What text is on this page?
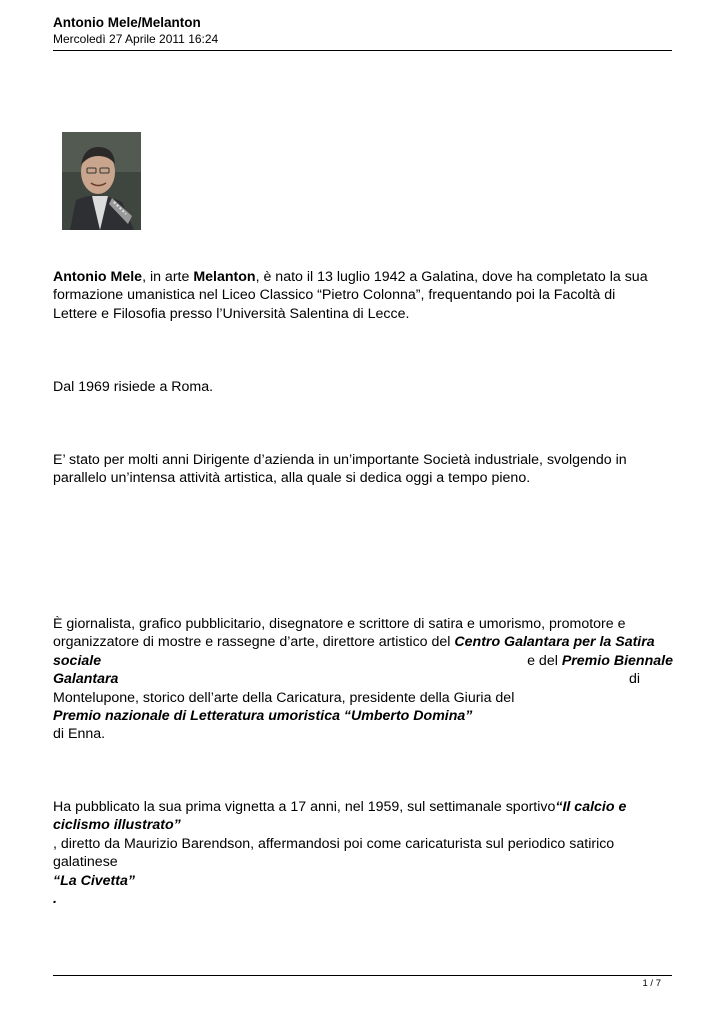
Antonio Mele/Melanton
Mercoledì 27 Aprile 2011 16:24
Antonio Mele, in arte Melanton, è nato il 13 luglio 1942 a Galatina, dove ha completato la sua
formazione umanistica nel Liceo Classico “Pietro Colonna”, frequentando poi la Facoltà di
Lettere e Filosofia presso l’Università Salentina di Lecce.
Dal 1969 risiede a Roma.
E’ stato per molti anni Dirigente d’azienda in un’importante Società industriale, svolgendo in
parallelo un’intensa attività artistica, alla quale si dedica oggi a tempo pieno.
È giornalista, grafico pubblicitario, disegnatore e scrittore di satira e umorismo, promotore e
organizzatore di mostre e rassegne d’arte, direttore artistico del Centro Galantara per la Satira
sociale	e del Premio Biennale
Galantara	di
Montelupone, storico dell’arte della Caricatura, presidente della Giuria del
Premio nazionale di Letteratura umoristica “Umberto Domina”
di Enna.
Ha pubblicato la sua prima vignetta a 17 anni, nel 1959, sul settimanale sportivo“Il calcio e
ciclismo illustrato”
, diretto da Maurizio Barendson, affermandosi poi come caricaturista sul periodico satirico
galatinese
“La Civetta”
.
1 / 7
